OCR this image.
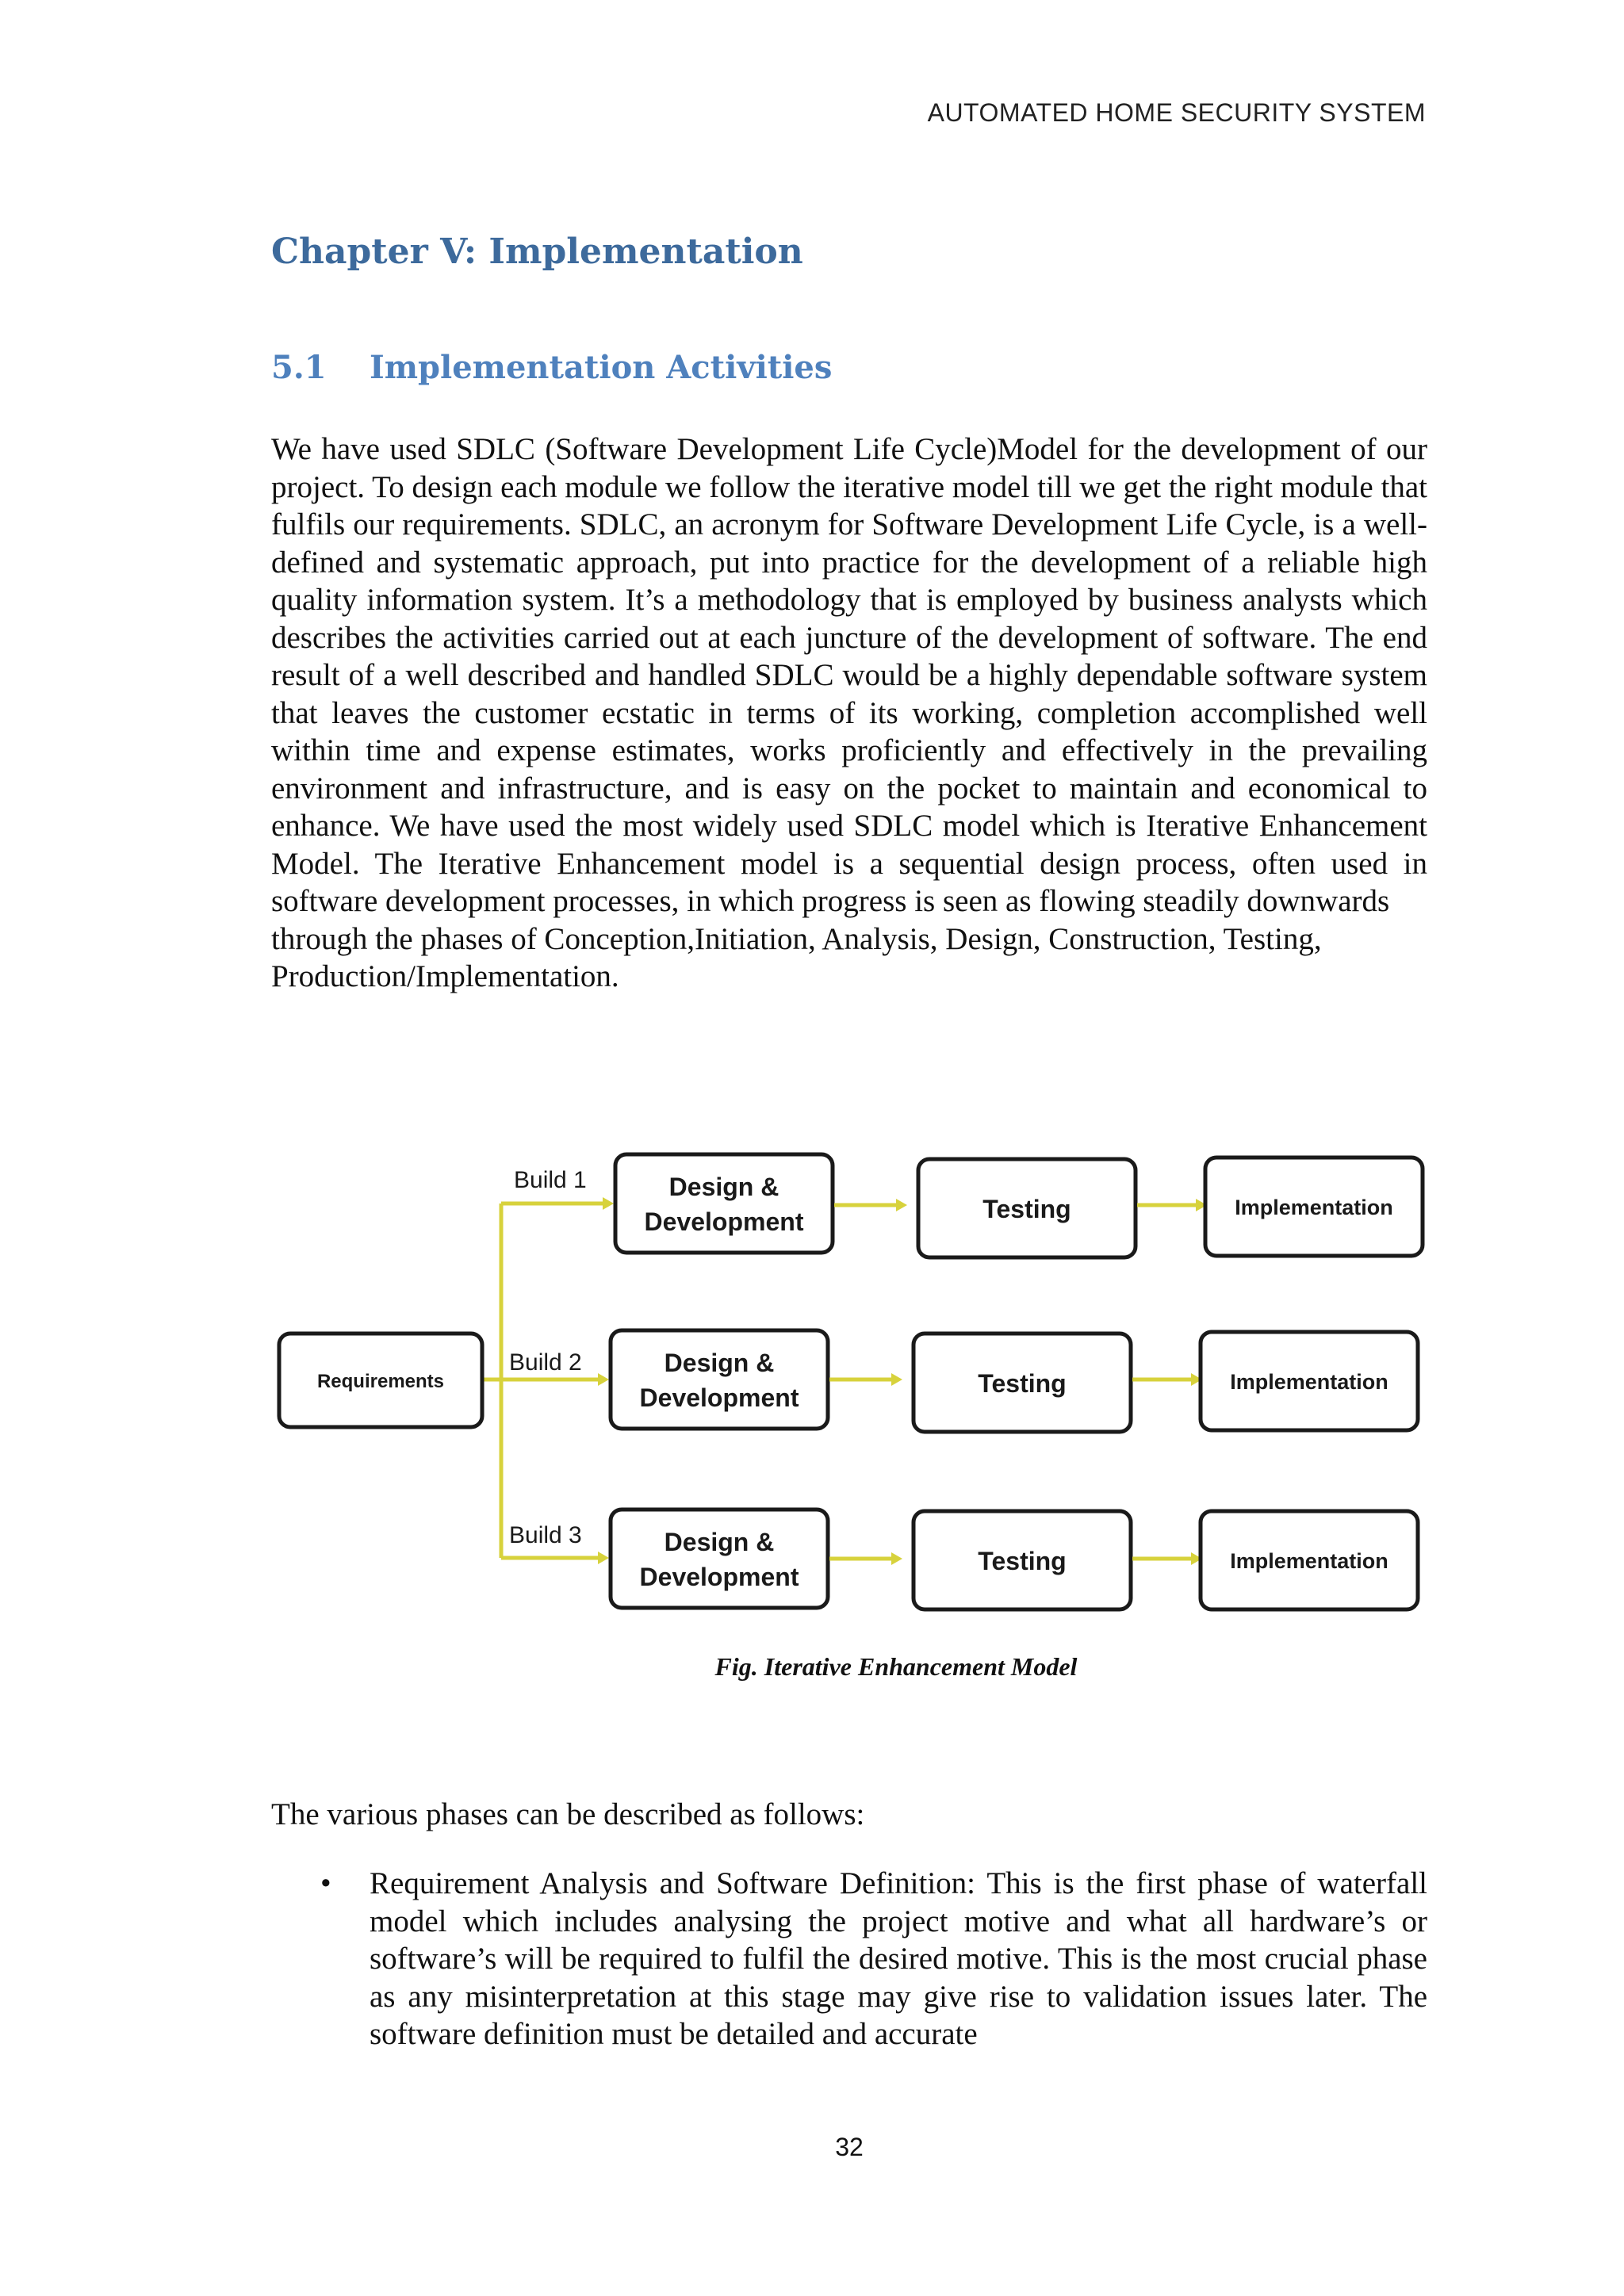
AUTOMATED HOME SECURITY SYSTEM
Chapter V: Implementation
5.1	Implementation Activities
We have used SDLC (Software Development Life Cycle)Model for the development of our project. To design each module we follow the iterative model till we get the right module that fulfils our requirements. SDLC, an acronym for Software Development Life Cycle, is a well-defined and systematic approach, put into practice for the development of a reliable high quality information system. It’s a methodology that is employed by business analysts which describes the activities carried out at each juncture of the development of software. The end result of a well described and handled SDLC would be a highly dependable software system that leaves the customer ecstatic in terms of its working, completion accomplished well within time and expense estimates, works proficiently and effectively in the prevailing environment and infrastructure, and is easy on the pocket to maintain and economical to enhance. We have used the most widely used SDLC model which is Iterative Enhancement Model. The Iterative Enhancement model is a sequential design process, often used in software development processes, in which progress is seen as flowing steadily downwards
through the phases of Conception,Initiation, Analysis, Design, Construction, Testing,
Production/Implementation.
Requirements
Build 1	Design &
Development	Testing	Implementation
Build 2	Design &
Development	Testing	Implementation
Build 3	Design &
Development
Testing	Implementation

Fig. Iterative Enhancement Model

The various phases can be described as follows:

•	Requirement Analysis and Software Definition: This is the first phase of waterfall model which includes analysing the project motive and what all hardware’s or software’s will be required to fulfil the desired motive. This is the most crucial phase as any misinterpretation at this stage may give rise to validation issues later. The software definition must be detailed and accurate
32
